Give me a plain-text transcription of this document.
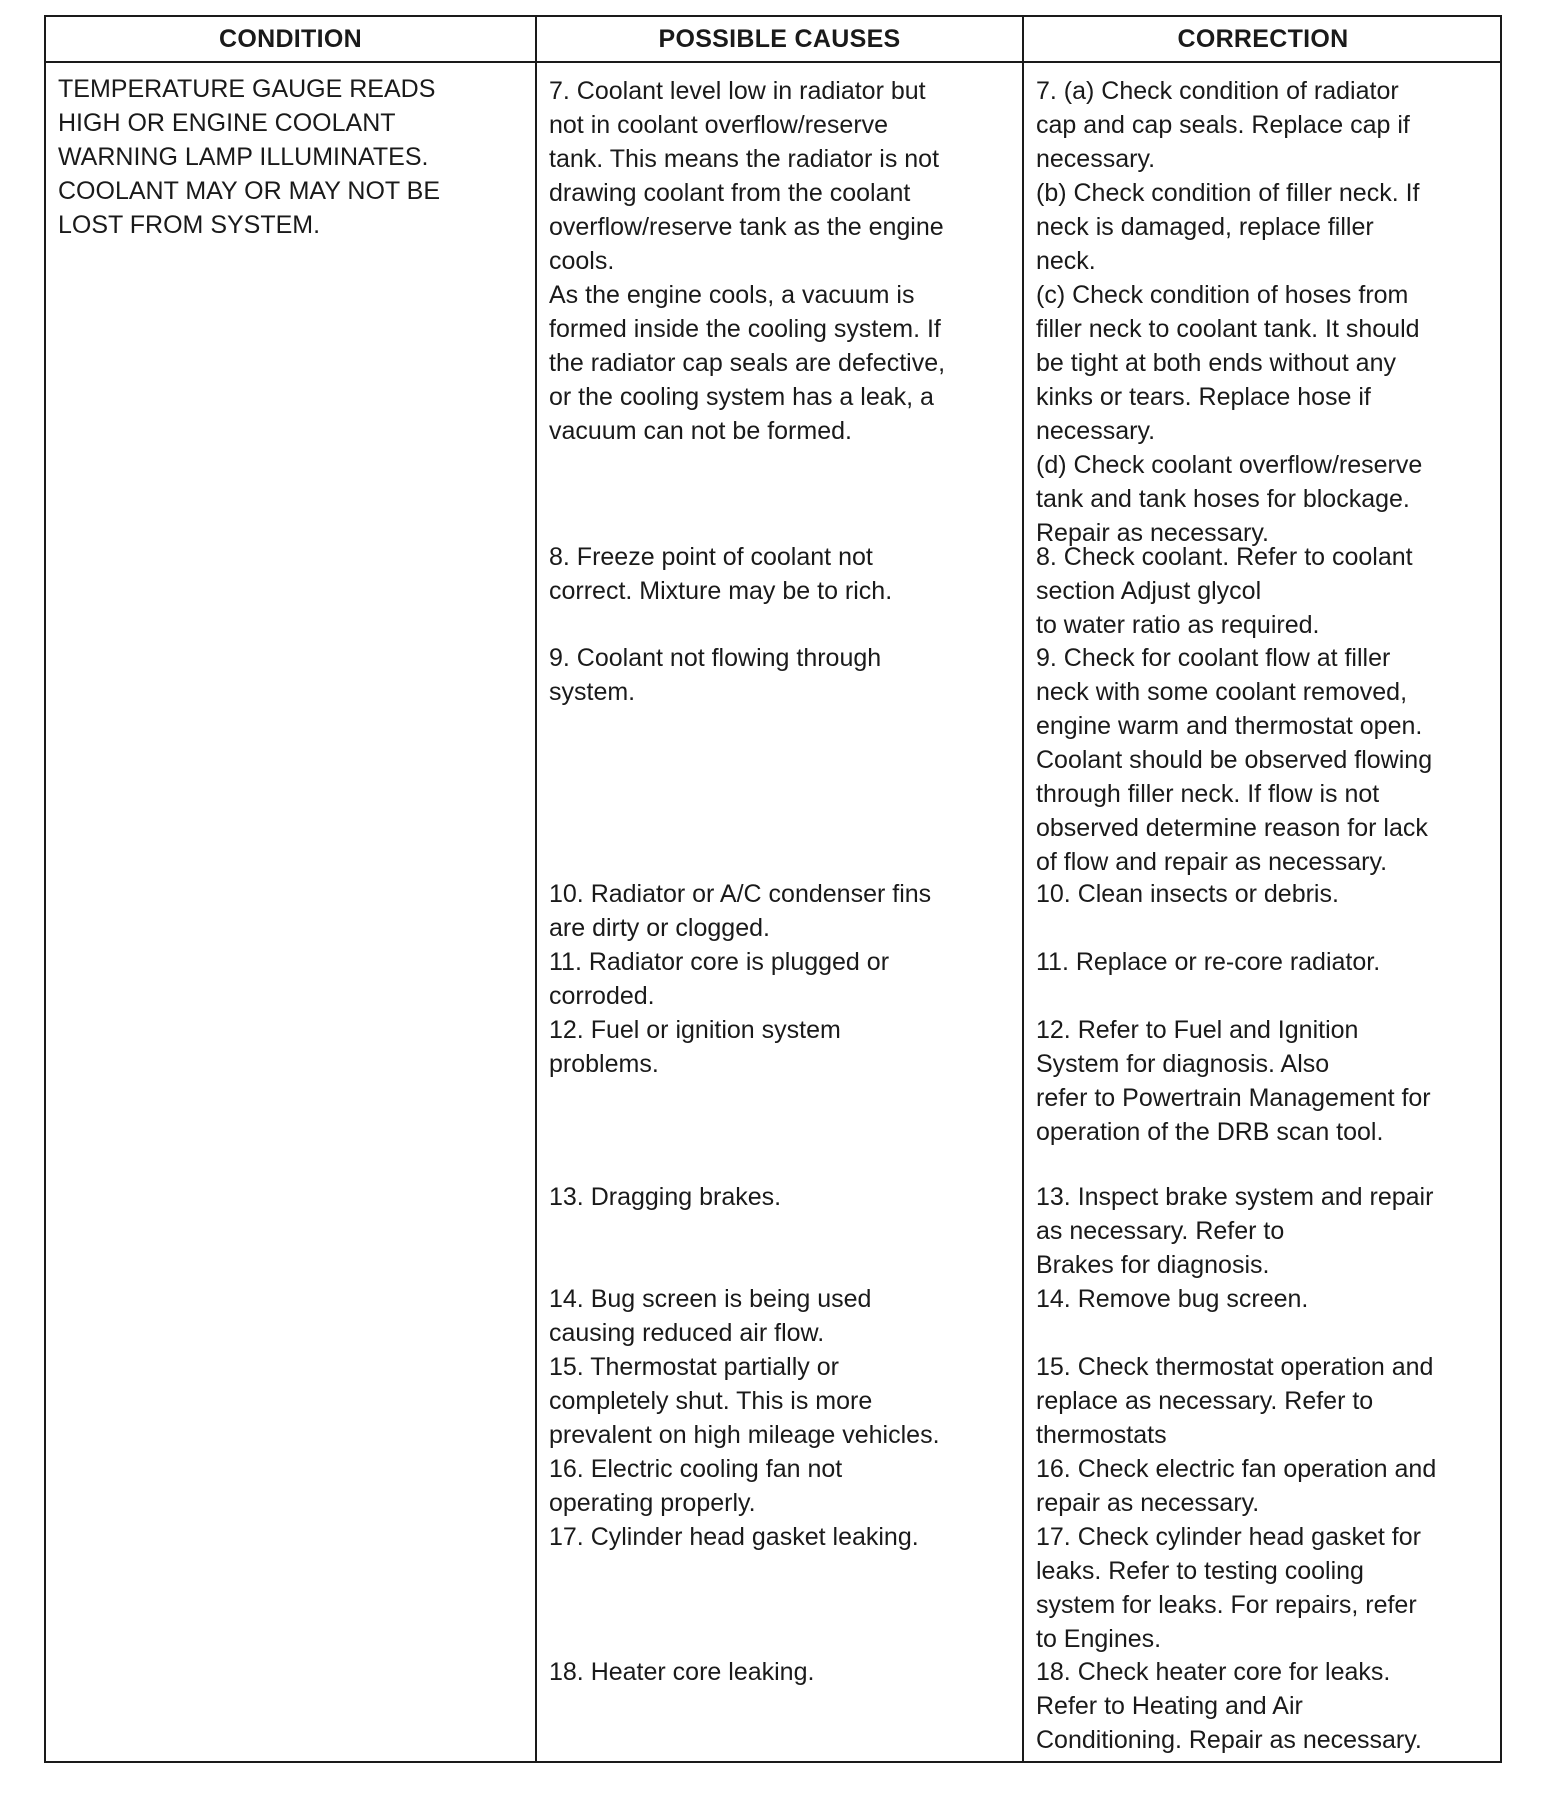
CONDITION	POSSIBLE CAUSES	CORRECTION
TEMPERATURE GAUGE READS
HIGH OR ENGINE COOLANT
WARNING LAMP ILLUMINATES.
COOLANT MAY OR MAY NOT BE
LOST FROM SYSTEM.
7. Coolant level low in radiator but
not in coolant overflow/reserve
tank. This means the radiator is not
drawing coolant from the coolant
overflow/reserve tank as the engine
cools.
As the engine cools, a vacuum is
formed inside the cooling system. If
the radiator cap seals are defective,
or the cooling system has a leak, a
vacuum can not be formed.
8. Freeze point of coolant not
correct. Mixture may be to rich.
9. Coolant not flowing through
system.
10. Radiator or A/C condenser fins
are dirty or clogged.
11. Radiator core is plugged or
corroded.
12. Fuel or ignition system
problems.
13. Dragging brakes.
14. Bug screen is being used
causing reduced air flow.
15. Thermostat partially or
completely shut. This is more
prevalent on high mileage vehicles.
16. Electric cooling fan not
operating properly.
17. Cylinder head gasket leaking.
18. Heater core leaking.
7. (a) Check condition of radiator
cap and cap seals. Replace cap if
necessary.
(b) Check condition of filler neck. If
neck is damaged, replace filler
neck.
(c) Check condition of hoses from
filler neck to coolant tank. It should
be tight at both ends without any
kinks or tears. Replace hose if
necessary.
(d) Check coolant overflow/reserve
tank and tank hoses for blockage.
Repair as necessary.
8. Check coolant. Refer to coolant
section Adjust glycol
to water ratio as required.
9. Check for coolant flow at filler
neck with some coolant removed,
engine warm and thermostat open.
Coolant should be observed flowing
through filler neck. If flow is not
observed determine reason for lack
of flow and repair as necessary.
10. Clean insects or debris.
11. Replace or re-core radiator.
12. Refer to Fuel and Ignition
System for diagnosis. Also
refer to Powertrain Management for
operation of the DRB scan tool.
13. Inspect brake system and repair
as necessary. Refer to
Brakes for diagnosis.
14. Remove bug screen.
15. Check thermostat operation and
replace as necessary. Refer to
thermostats
16. Check electric fan operation and
repair as necessary.
17. Check cylinder head gasket for
leaks. Refer to testing cooling
system for leaks. For repairs, refer
to Engines.
18. Check heater core for leaks.
Refer to Heating and Air
Conditioning. Repair as necessary.
